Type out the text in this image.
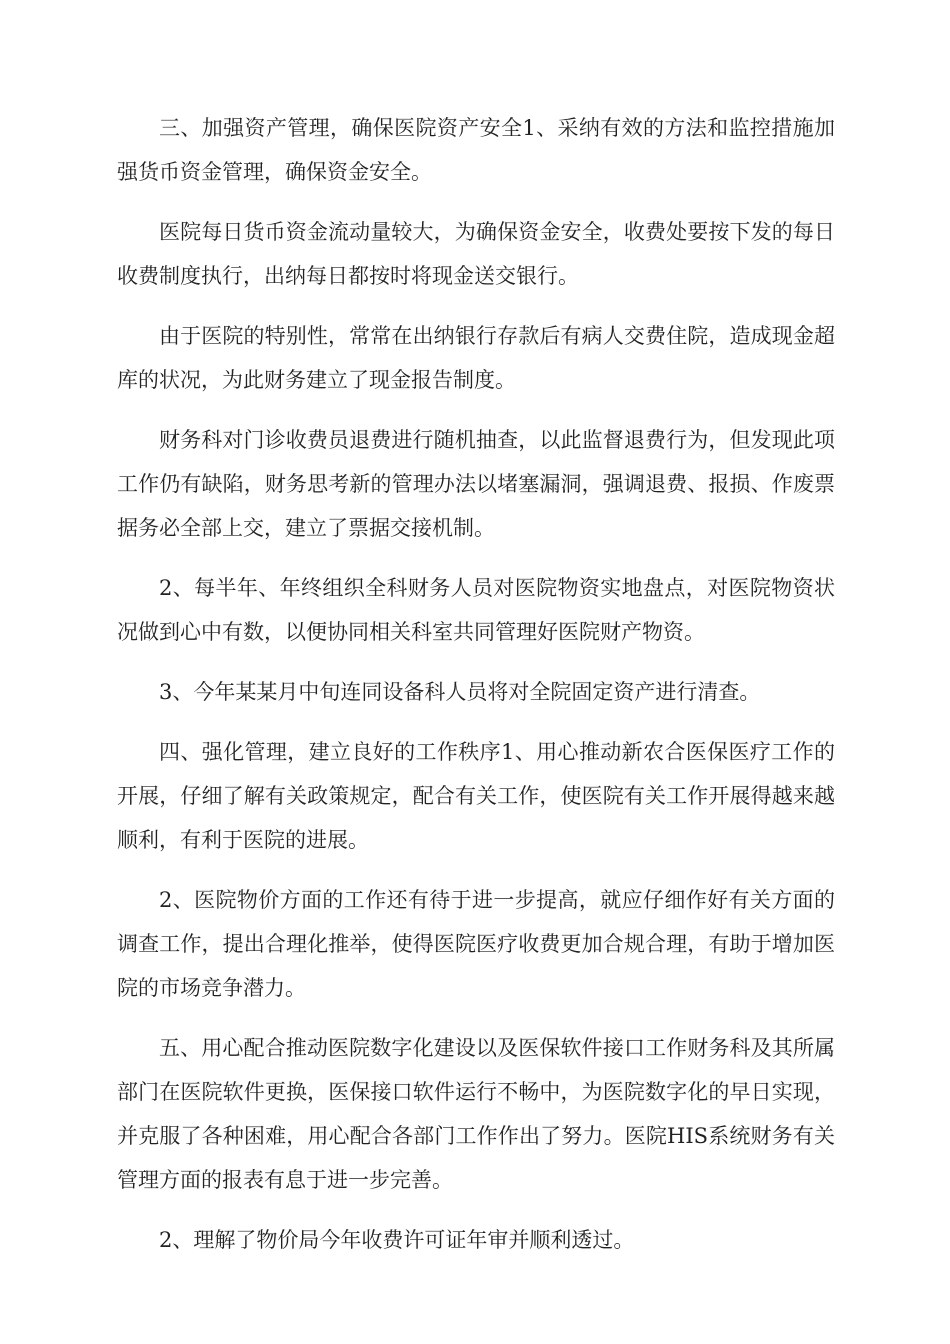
三、加强资产管理，确保医院资产安全1、采纳有效的方法和监控措施加强货币资金管理，确保资金安全。

医院每日货币资金流动量较大，为确保资金安全，收费处要按下发的每日收费制度执行，出纳每日都按时将现金送交银行。

由于医院的特别性，常常在出纳银行存款后有病人交费住院，造成现金超库的状况，为此财务建立了现金报告制度。

财务科对门诊收费员退费进行随机抽查，以此监督退费行为，但发现此项工作仍有缺陷，财务思考新的管理办法以堵塞漏洞，强调退费、报损、作废票据务必全部上交，建立了票据交接机制。

2、每半年、年终组织全科财务人员对医院物资实地盘点，对医院物资状况做到心中有数，以便协同相关科室共同管理好医院财产物资。

3、今年某某月中旬连同设备科人员将对全院固定资产进行清查。

四、强化管理，建立良好的工作秩序1、用心推动新农合医保医疗工作的开展，仔细了解有关政策规定，配合有关工作，使医院有关工作开展得越来越顺利，有利于医院的进展。

2、医院物价方面的工作还有待于进一步提高，就应仔细作好有关方面的调查工作，提出合理化推举，使得医院医疗收费更加合规合理，有助于增加医院的市场竞争潜力。

五、用心配合推动医院数字化建设以及医保软件接口工作财务科及其所属部门在医院软件更换，医保接口软件运行不畅中，为医院数字化的早日实现，并克服了各种困难，用心配合各部门工作作出了努力。医院HIS系统财务有关管理方面的报表有息于进一步完善。

2、理解了物价局今年收费许可证年审并顺利透过。
